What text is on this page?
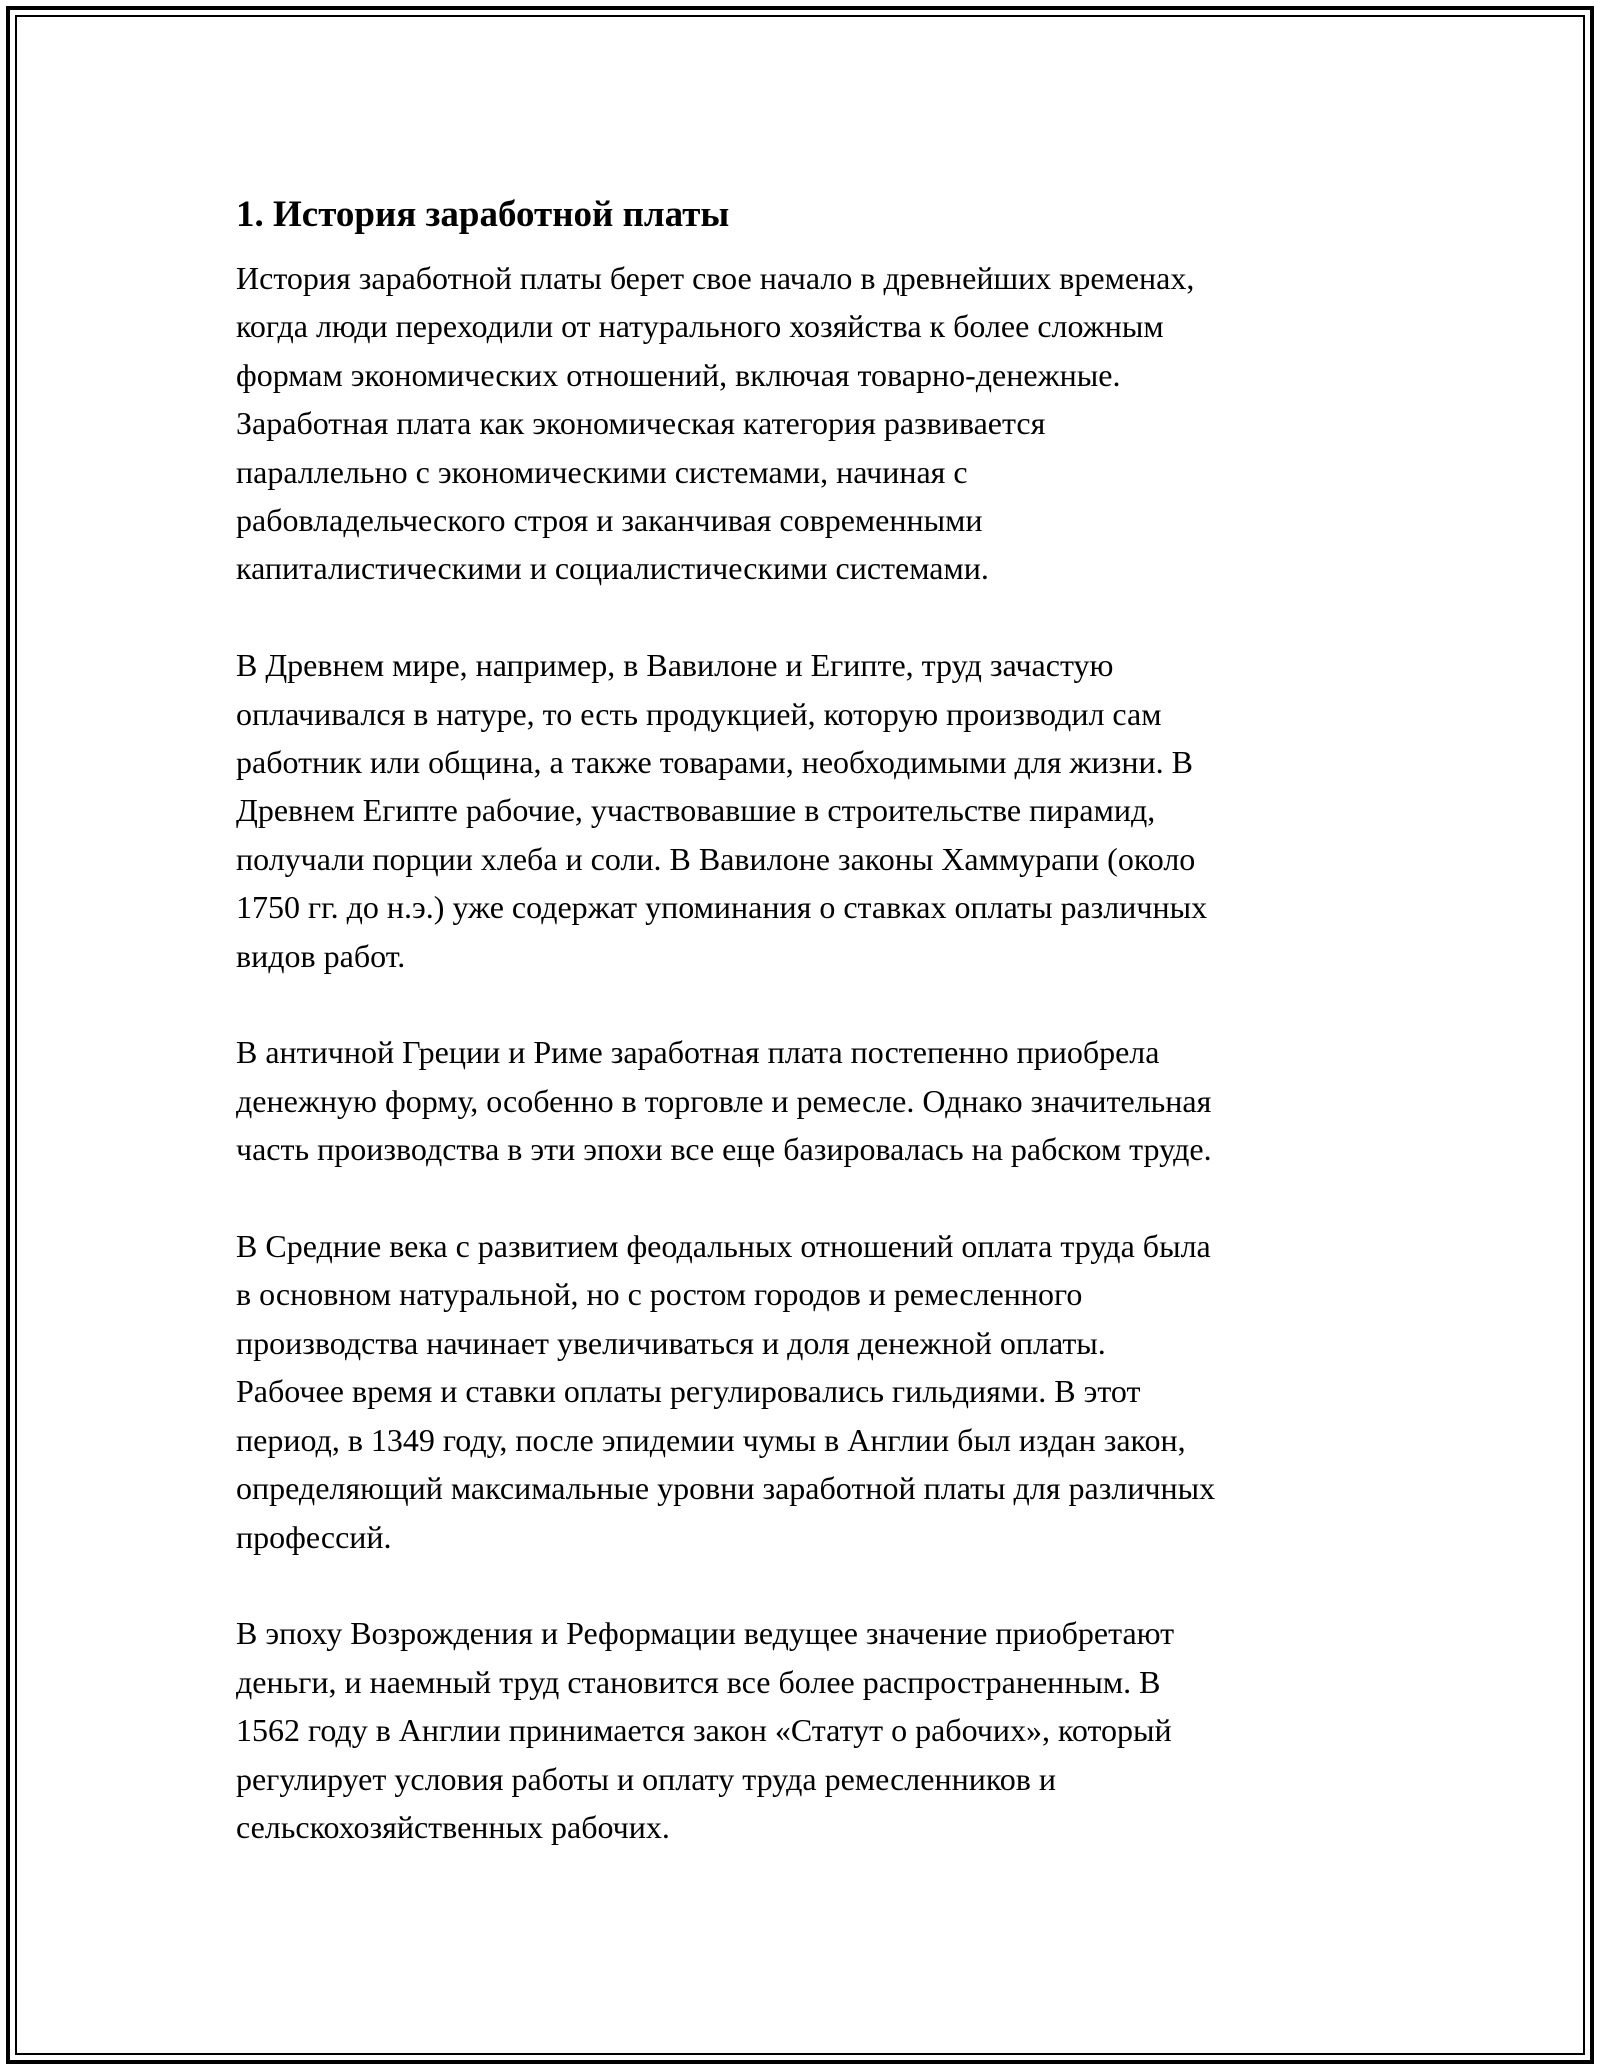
1. История заработной платы

История заработной платы берет свое начало в древнейших временах,
когда люди переходили от натурального хозяйства к более сложным
формам экономических отношений, включая товарно-денежные.
Заработная плата как экономическая категория развивается
параллельно с экономическими системами, начиная с
рабовладельческого строя и заканчивая современными
капиталистическими и социалистическими системами.

В Древнем мире, например, в Вавилоне и Египте, труд зачастую
оплачивался в натуре, то есть продукцией, которую производил сам
работник или община, а также товарами, необходимыми для жизни. В
Древнем Египте рабочие, участвовавшие в строительстве пирамид,
получали порции хлеба и соли. В Вавилоне законы Хаммурапи (около
1750 гг. до н.э.) уже содержат упоминания о ставках оплаты различных
видов работ.

В античной Греции и Риме заработная плата постепенно приобрела
денежную форму, особенно в торговле и ремесле. Однако значительная
часть производства в эти эпохи все еще базировалась на рабском труде.

В Средние века с развитием феодальных отношений оплата труда была
в основном натуральной, но с ростом городов и ремесленного
производства начинает увеличиваться и доля денежной оплаты.
Рабочее время и ставки оплаты регулировались гильдиями. В этот
период, в 1349 году, после эпидемии чумы в Англии был издан закон,
определяющий максимальные уровни заработной платы для различных
профессий.

В эпоху Возрождения и Реформации ведущее значение приобретают
деньги, и наемный труд становится все более распространенным. В
1562 году в Англии принимается закон «Статут о рабочих», который
регулирует условия работы и оплату труда ремесленников и
сельскохозяйственных рабочих.
